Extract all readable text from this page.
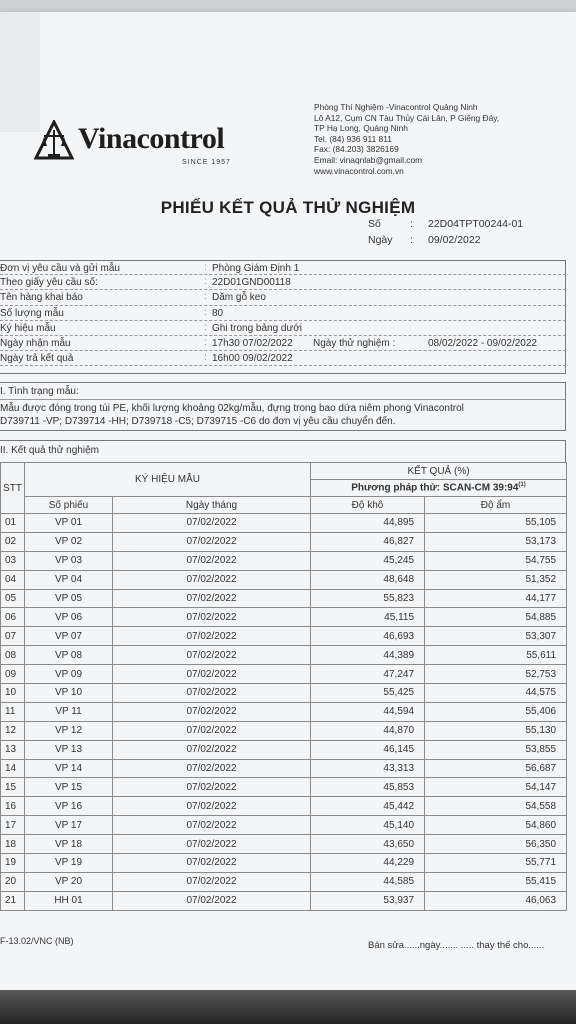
Vinacontrol
SINCE 1957
Phòng Thí Nghiệm -Vinacontrol Quảng Ninh
Lô A12, Cụm CN Tàu Thủy Cái Lân, P Giếng Đáy,
TP Hạ Long, Quảng Ninh
Tel. (84) 936 911 811
Fax: (84.203) 3826169
Email: vinaqnlab@gmail.com
www.vinacontrol.com.vn
PHIẾU KẾT QUẢ THỬ NGHIỆM
Số	: 22D04TPT00244-01
Ngày : 09/02/2022
Đơn vị yêu cầu và gửi mẫu	: Phòng Giám Định 1
Theo giấy yêu cầu số:	: 22D01GND00118
Tên hàng khai báo	: Dăm gỗ keo
Số lượng mẫu	: 80
Ký hiệu mẫu	: Ghi trong bảng dưới
Ngày nhận mẫu	: 17h30 07/02/2022 Ngày thử nghiệm :	08/02/2022 - 09/02/2022
Ngày trả kết quả	: 16h00 09/02/2022
I. Tình trạng mẫu:
Mẫu được đóng trong túi PE, khối lượng khoảng 02kg/mẫu, đựng trong bao dứa niêm phong Vinacontrol
D739711 -VP; D739714 -HH; D739718 -C5; D739715 -C6 do đơn vị yêu cầu chuyển đến.
II. Kết quả thử nghiệm
STT	KÝ HIỆU MẪU		KẾT QUẢ (%)	
			Phương pháp thử: SCAN-CM 39:94$^{(1)}$
	Số phiếu	Ngày tháng	Độ khô	Độ ẩm
01	VP 01	07/02/2022	44,895	55,105
02	VP 02	07/02/2022	46,827	53,173
03	VP 03	07/02/2022	45,245	54,755
04	VP 04	07/02/2022	48,648	51,352
05	VP 05	07/02/2022	55,823	44,177
06	VP 06	07/02/2022	45,115	54,885
07	VP 07	07/02/2022	46,693	53,307
08	VP 08	07/02/2022	44,389	55,611
09	VP 09	07/02/2022	47,247	52,753
10	VP 10	07/02/2022	55,425	44,575
11	VP 11	07/02/2022	44,594	55,406
12	VP 12	07/02/2022	44,870	55,130
13	VP 13	07/02/2022	46,145	53,855
14	VP 14	07/02/2022	43,313	56,687
15	VP 15	07/02/2022	45,853	54,147
16	VP 16	07/02/2022	45,442	54,558
17	VP 17	07/02/2022	45,140	54,860
18	VP 18	07/02/2022	43,650	56,350
19	VP 19	07/02/2022	44,229	55,771
20	VP 20	07/02/2022	44,585	55,415
21	HH 01	07/02/2022	53,937	46,063
F-13.02/VNC (NB)	Bản sửa......ngày....... ..... thay thế cho......
